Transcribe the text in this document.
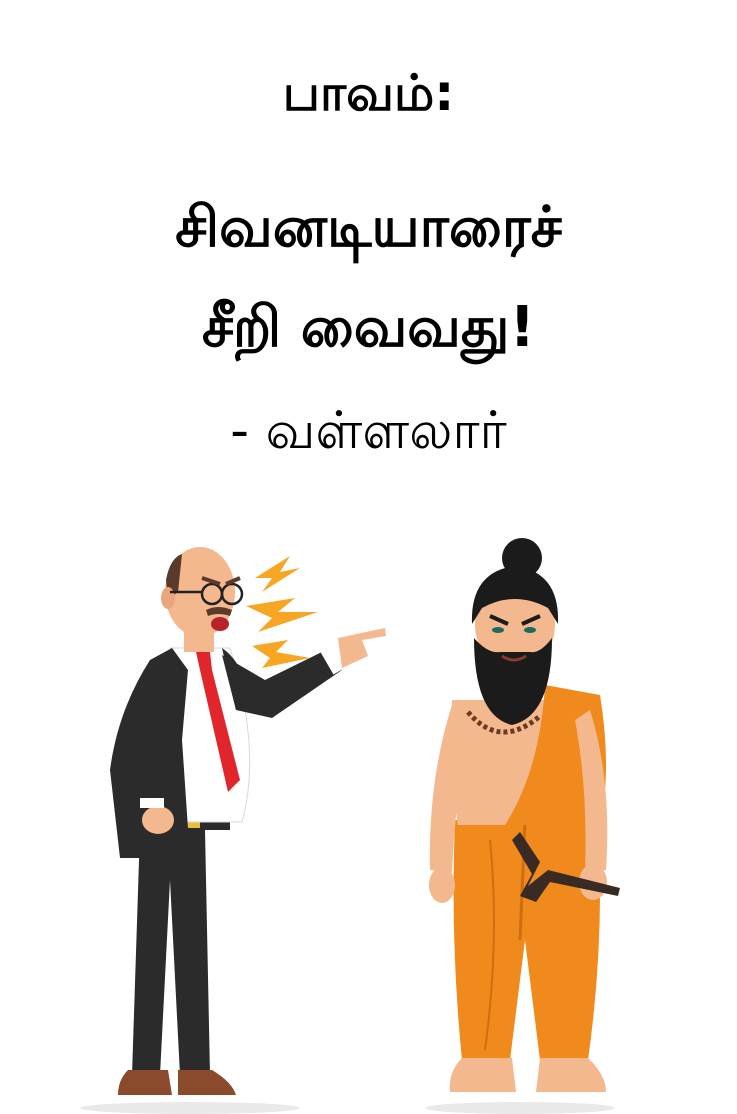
பாவம்:
சிவனடியாரைச்
சீறி வைவது!
- வள்ளலார்
